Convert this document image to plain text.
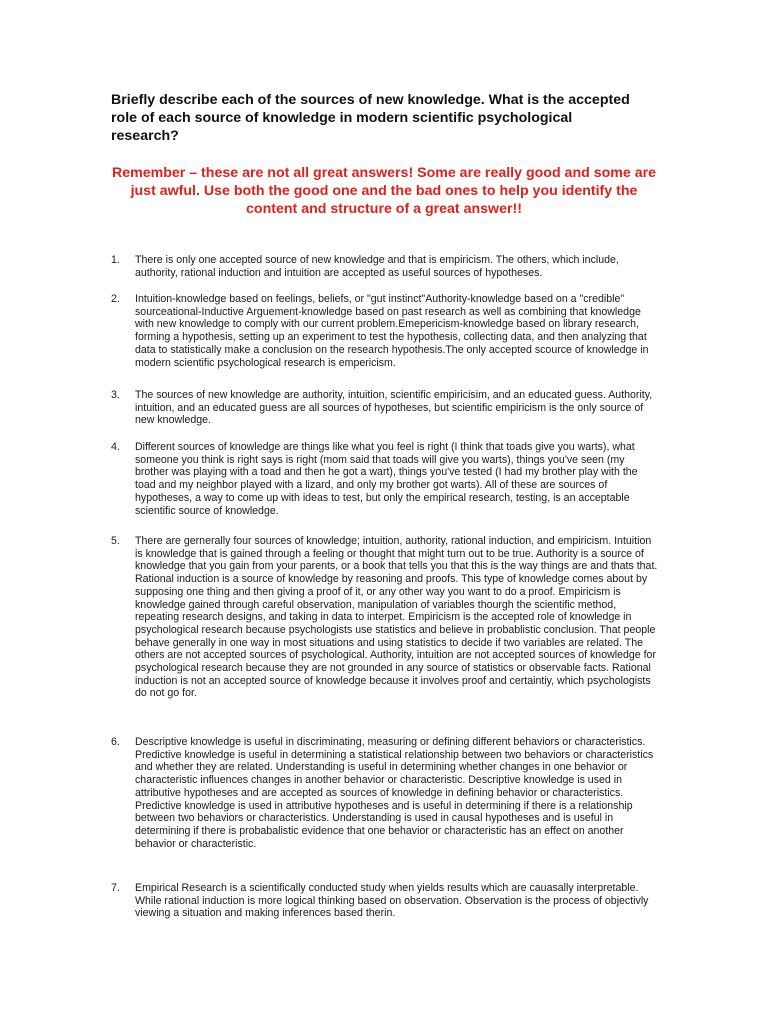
Briefly describe each of the sources of new knowledge. What is the accepted role of each source of knowledge in modern scientific psychological research?
Remember – these are not all great answers! Some are really good and some are just awful. Use both the good one and the bad ones to help you identify the content and structure of a great answer!!
1. There is only one accepted source of new knowledge and that is empiricism. The others, which include, authority, rational induction and intuition are accepted as useful sources of hypotheses.
2. Intuition-knowledge based on feelings, beliefs, or "gut instinct"Authority-knowledge based on a "credible" sourceational-Inductive Arguement-knowledge based on past research as well as combining that knowledge with new knowledge to comply with our current problem.Emepericism-knowledge based on library research, forming a hypothesis, setting up an experiment to test the hypothesis, collecting data, and then analyzing that data to statistically make a conclusion on the research hypothesis.The only accepted scource of knowledge in modern scientific psychological research is empericism.
3. The sources of new knowledge are authority, intuition, scientific empiricisim, and an educated guess. Authority, intuition, and an educated guess are all sources of hypotheses, but scientific empiricism is the only source of new knowledge.
4. Different sources of knowledge are things like what you feel is right (I think that toads give you warts), what someone you think is right says is right (mom said that toads will give you warts), things you've seen (my brother was playing with a toad and then he got a wart), things you've tested (I had my brother play with the toad and my neighbor played with a lizard, and only my brother got warts). All of these are sources of hypotheses, a way to come up with ideas to test, but only the empirical research, testing, is an acceptable scientific source of knowledge.
5. There are gernerally four sources of knowledge; intuition, authority, rational induction, and empiricism. Intuition is knowledge that is gained through a feeling or thought that might turn out to be true. Authority is a source of knowledge that you gain from your parents, or a book that tells you that this is the way things are and thats that. Rational induction is a source of knowledge by reasoning and proofs. This type of knowledge comes about by supposing one thing and then giving a proof of it, or any other way you want to do a proof. Empiricism is knowledge gained through careful observation, manipulation of variables thourgh the scientific method, repeating research designs, and taking in data to interpet. Empiricism is the accepted role of knowledge in psychological research because psychologists use statistics and believe in probablistic conclusion. That people behave generally in one way in most situations and using statistics to decide if two variables are related. The others are not accepted sources of psychological. Authority, intuition are not accepted sources of knowledge for psychological research because they are not grounded in any source of statistics or observable facts. Rational induction is not an accepted source of knowledge because it involves proof and certaintiy, which psychologists do not go for.
6. Descriptive knowledge is useful in discriminating, measuring or defining different behaviors or characteristics. Predictive knowledge is useful in determining a statistical relationship between two behaviors or characteristics and whether they are related. Understanding is useful in determining whether changes in one behavior or characteristic influences changes in another behavior or characteristic. Descriptive knowledge is used in attributive hypotheses and are accepted as sources of knowledge in defining behavior or characteristics. Predictive knowledge is used in attributive hypotheses and is useful in determining if there is a relationship between two behaviors or characteristics. Understanding is used in causal hypotheses and is useful in determining if there is probabalistic evidence that one behavior or characteristic has an effect on another behavior or characteristic.
7. Empirical Research is a scientifically conducted study when yields results which are cauasally interpretable. While rational induction is more logical thinking based on observation. Observation is the process of objectivly viewing a situation and making inferences based therin.
